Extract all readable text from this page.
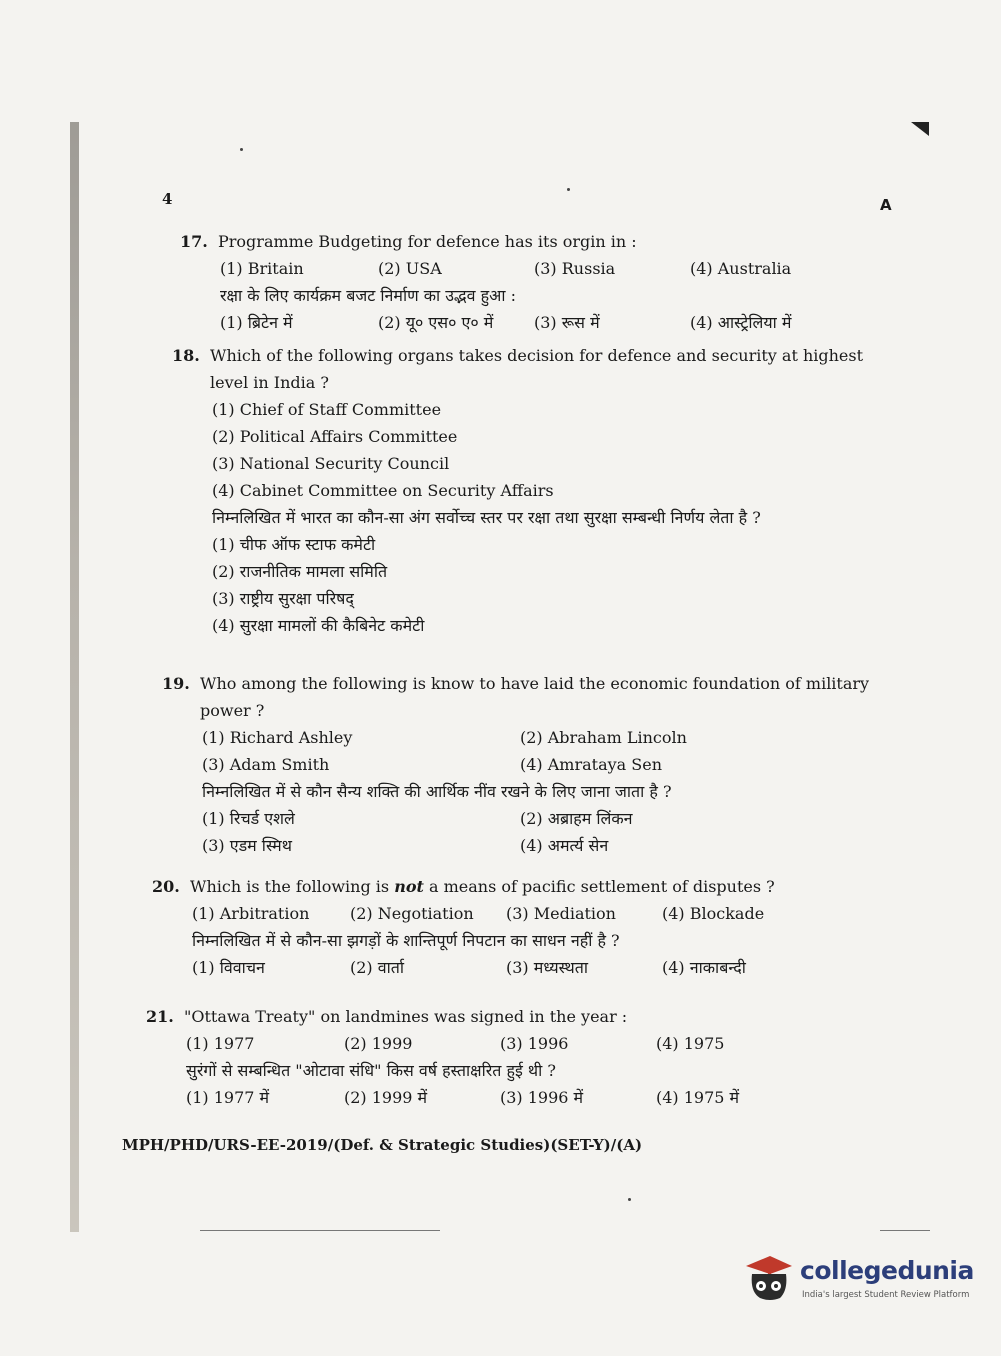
4	A
17. Programme Budgeting for defence has its orgin in :
(1) Britain	(2) USA	(3) Russia	(4) Australia
रक्षा के लिए कार्यक्रम बजट निर्माण का उद्भव हुआ :
(1) ब्रिटेन में	(2) यू० एस० ए० में	(3) रूस में	(4) आस्ट्रेलिया में
18. Which of the following organs takes decision for defence and security at highest level in India ?
(1) Chief of Staff Committee
(2) Political Affairs Committee
(3) National Security Council
(4) Cabinet Committee on Security Affairs
निम्नलिखित में भारत का कौन-सा अंग सर्वोच्च स्तर पर रक्षा तथा सुरक्षा सम्बन्धी निर्णय लेता है ?
(1) चीफ ऑफ स्टाफ कमेटी
(2) राजनीतिक मामला समिति
(3) राष्ट्रीय सुरक्षा परिषद्
(4) सुरक्षा मामलों की कैबिनेट कमेटी
19. Who among the following is know to have laid the economic foundation of military power ?
(1) Richard Ashley	(2) Abraham Lincoln
(3) Adam Smith	(4) Amrataya Sen
निम्नलिखित में से कौन सैन्य शक्ति की आर्थिक नींव रखने के लिए जाना जाता है ?
(1) रिचर्ड एशले	(2) अब्राहम लिंकन
(3) एडम स्मिथ	(4) अमर्त्य सेन
20. Which is the following is not a means of pacific settlement of disputes ?
(1) Arbitration	(2) Negotiation	(3) Mediation	(4) Blockade
निम्नलिखित में से कौन-सा झगड़ों के शान्तिपूर्ण निपटान का साधन नहीं है ?
(1) विवाचन	(2) वार्ता	(3) मध्यस्थता	(4) नाकाबन्दी
21. "Ottawa Treaty" on landmines was signed in the year :
(1) 1977	(2) 1999	(3) 1996	(4) 1975
सुरंगों से सम्बन्धित "ओटावा संधि" किस वर्ष हस्ताक्षरित हुई थी ?
(1) 1977 में	(2) 1999 में	(3) 1996 में	(4) 1975 में
MPH/PHD/URS-EE-2019/(Def. & Strategic Studies)(SET-Y)/(A)
collegedunia
India's largest Student Review Platform
